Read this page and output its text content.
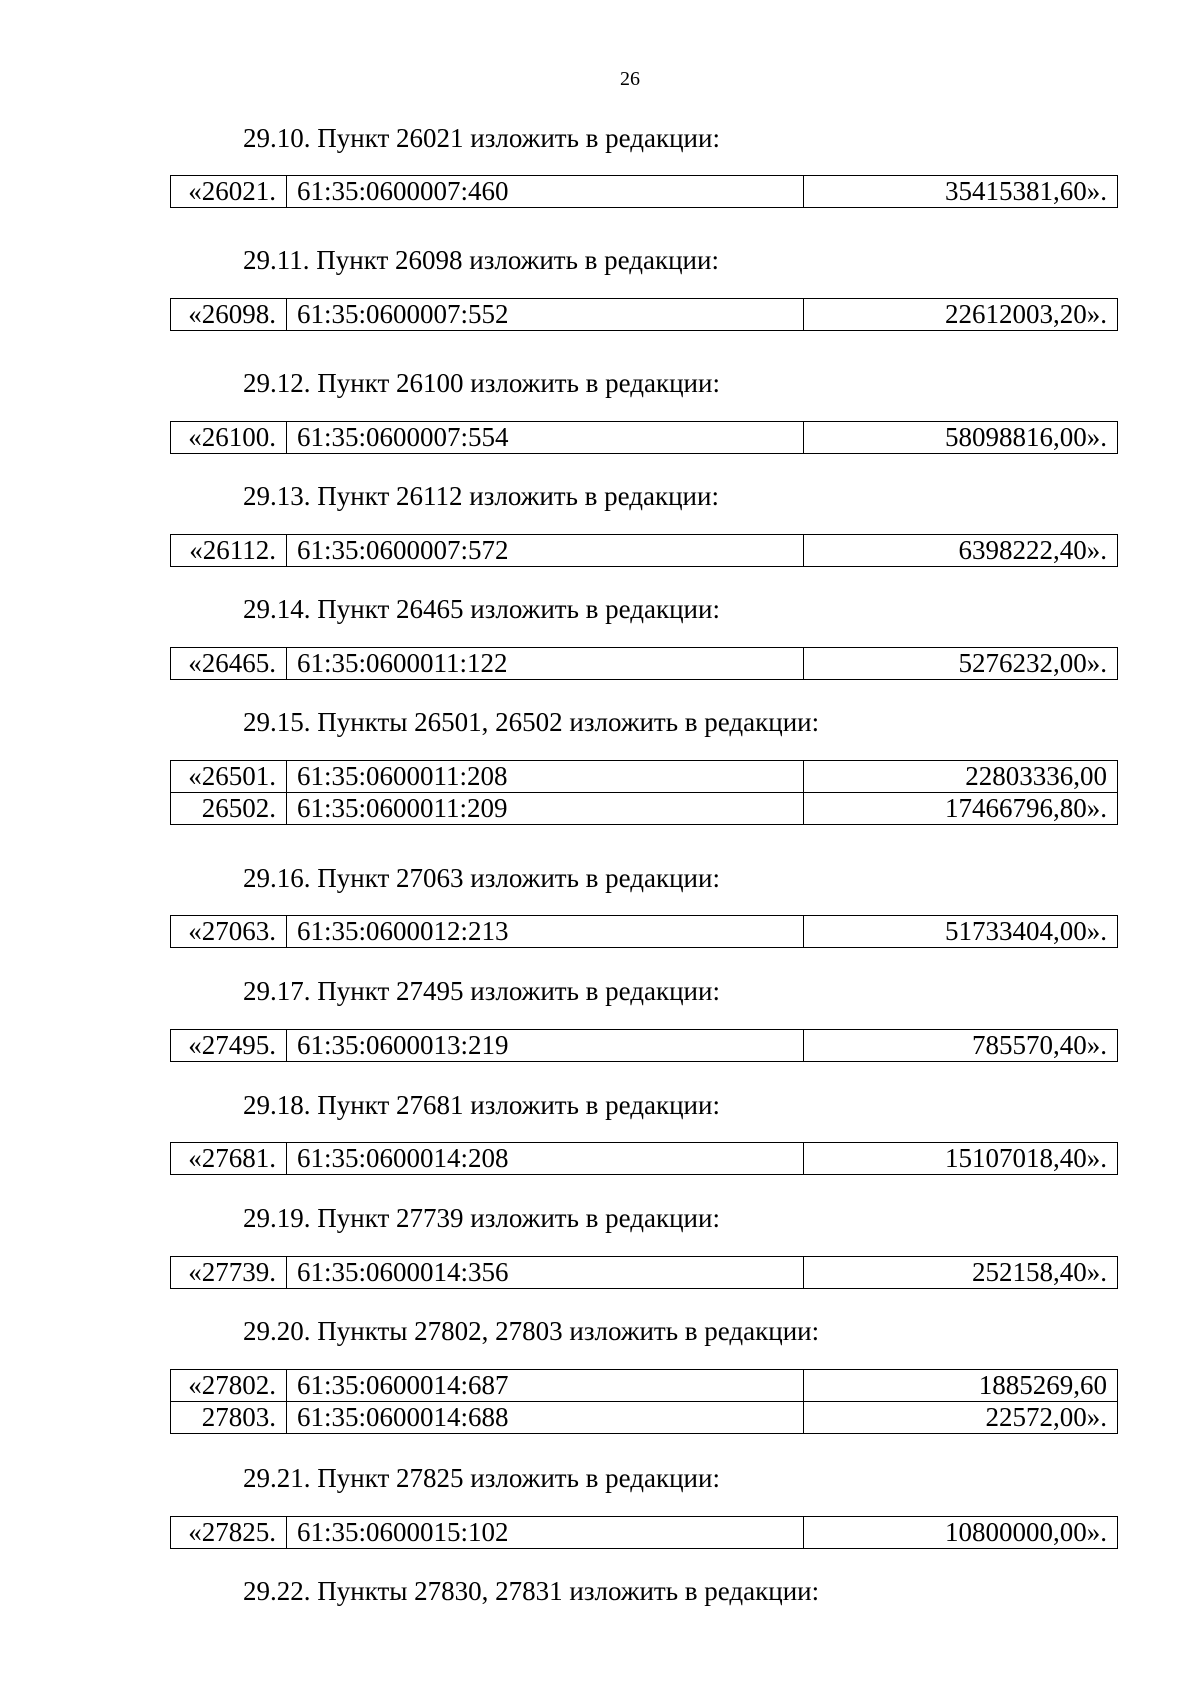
26
29.10. Пункт 26021 изложить в редакции:
«26021.	61:35:0600007:460	35415381,60».
29.11. Пункт 26098 изложить в редакции:
«26098.	61:35:0600007:552	22612003,20».
29.12. Пункт 26100 изложить в редакции:
«26100.	61:35:0600007:554	58098816,00».
29.13. Пункт 26112 изложить в редакции:
«26112.	61:35:0600007:572	6398222,40».
29.14. Пункт 26465 изложить в редакции:
«26465.	61:35:0600011:122	5276232,00».
29.15. Пункты 26501, 26502 изложить в редакции:
«26501.	61:35:0600011:208	22803336,00
26502.	61:35:0600011:209	17466796,80».
29.16. Пункт 27063 изложить в редакции:
«27063.	61:35:0600012:213	51733404,00».
29.17. Пункт 27495 изложить в редакции:
«27495.	61:35:0600013:219	785570,40».
29.18. Пункт 27681 изложить в редакции:
«27681.	61:35:0600014:208	15107018,40».
29.19. Пункт 27739 изложить в редакции:
«27739.	61:35:0600014:356	252158,40».
29.20. Пункты 27802, 27803 изложить в редакции:
«27802.	61:35:0600014:687	1885269,60
27803.	61:35:0600014:688	22572,00».
29.21. Пункт 27825 изложить в редакции:
«27825.	61:35:0600015:102	10800000,00».
29.22. Пункты 27830, 27831 изложить в редакции:
